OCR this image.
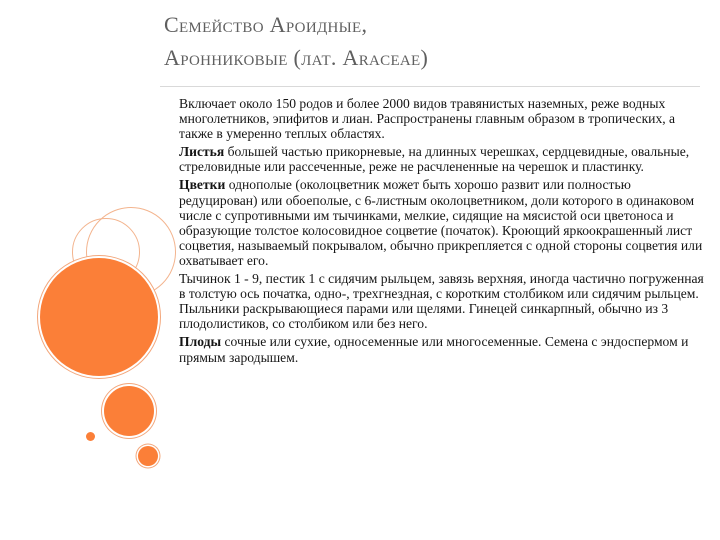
Семейство Ароидные,
Аронниковые (лат. Araceae)

Включает около 150 родов и более 2000 видов травянистых наземных, реже водных многолетников, эпифитов и лиан. Распространены главным образом в тропических, а также в умеренно теплых областях.

Листья большей частью прикорневые, на длинных черешках, сердцевидные, овальные, стреловидные или рассеченные, реже не расчлененные на черешок и пластинку.

Цветки однополые (околоцветник может быть хорошо развит или полностью редуцирован) или обоеполые, с 6-листным околоцветником, доли которого в одинаковом числе с супротивными им тычинками, мелкие, сидящие на мясистой оси цветоноса и образующие толстое колосовидное соцветие (початок). Кроющий яркоокрашенный лист соцветия, называемый покрывалом, обычно прикрепляется с одной стороны соцветия или охватывает его.

Тычинок 1 - 9, пестик 1 с сидячим рыльцем, завязь верхняя, иногда частично погруженная в толстую ось початка, одно-, трехгнездная, с коротким столбиком или сидячим рыльцем. Пыльники раскрывающиеся парами или щелями. Гинецей синкарпный, обычно из 3 плодолистиков, со столбиком или без него.

Плоды сочные или сухие, односеменные или многосеменные. Семена с эндоспермом и прямым зародышем.
